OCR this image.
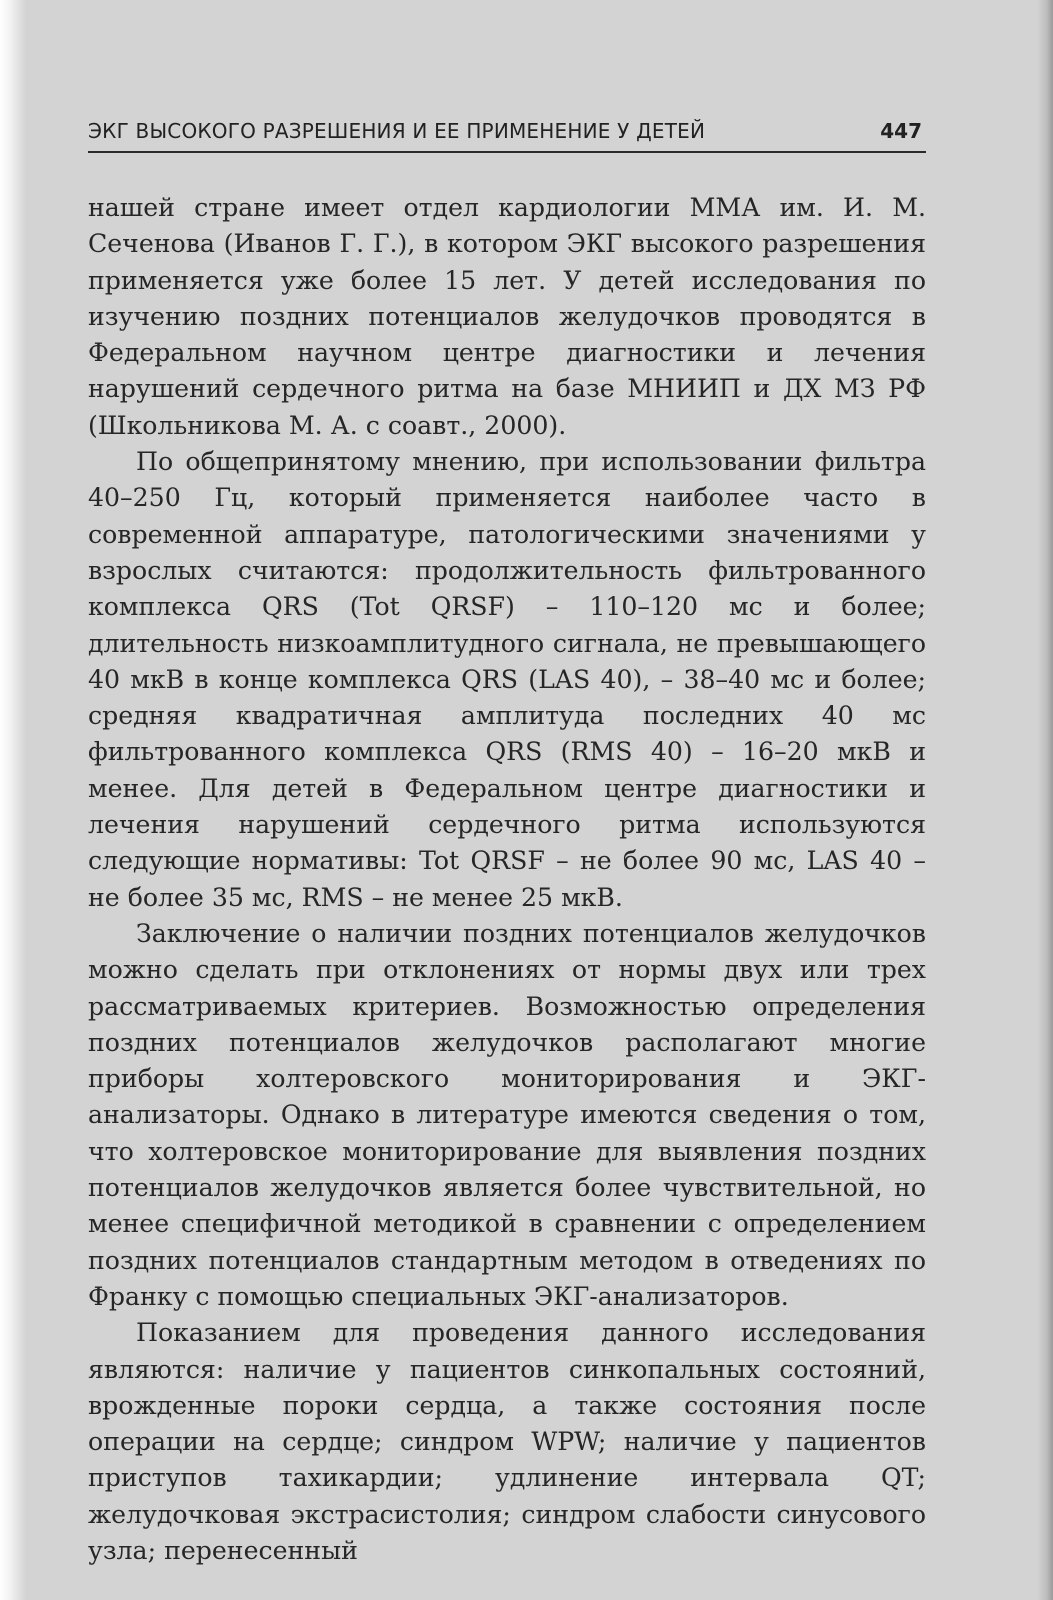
ЭКГ ВЫСОКОГО РАЗРЕШЕНИЯ И ЕЕ ПРИМЕНЕНИЕ У ДЕТЕЙ	447

нашей стране имеет отдел кардиологии ММА им. И. М. Сеченова (Иванов Г. Г.), в котором ЭКГ высокого разрешения применяется уже более 15 лет. У детей исследования по изучению поздних потенциалов желудочков проводятся в Федеральном научном центре диагностики и лечения нарушений сердечного ритма на базе МНИИП и ДХ МЗ РФ (Школьникова М. А. с соавт., 2000).

По общепринятому мнению, при использовании фильтра 40–250 Гц, который применяется наиболее часто в современной аппаратуре, патологическими значениями у взрослых считаются: продолжительность фильтрованного комплекса QRS (Tot QRSF) – 110–120 мс и более; длительность низкоамплитудного сигнала, не превышающего 40 мкВ в конце комплекса QRS (LAS 40), – 38–40 мс и более; средняя квадратичная амплитуда последних 40 мс фильтрованного комплекса QRS (RMS 40) – 16–20 мкВ и менее. Для детей в Федеральном центре диагностики и лечения нарушений сердечного ритма используются следующие нормативы: Tot QRSF – не более 90 мс, LAS 40 – не более 35 мс, RMS – не менее 25 мкВ.

Заключение о наличии поздних потенциалов желудочков можно сделать при отклонениях от нормы двух или трех рассматриваемых критериев. Возможностью определения поздних потенциалов желудочков располагают многие приборы холтеровского мониторирования и ЭКГ-анализаторы. Однако в литературе имеются сведения о том, что холтеровское мониторирование для выявления поздних потенциалов желудочков является более чувствительной, но менее специфичной методикой в сравнении с определением поздних потенциалов стандартным методом в отведениях по Франку с помощью специальных ЭКГ-анализаторов.

Показанием для проведения данного исследования являются: наличие у пациентов синкопальных состояний, врожденные пороки сердца, а также состояния после операции на сердце; синдром WPW; наличие у пациентов приступов тахикардии; удлинение интервала QT; желудочковая экстрасистолия; синдром слабости синусового узла; перенесенный
